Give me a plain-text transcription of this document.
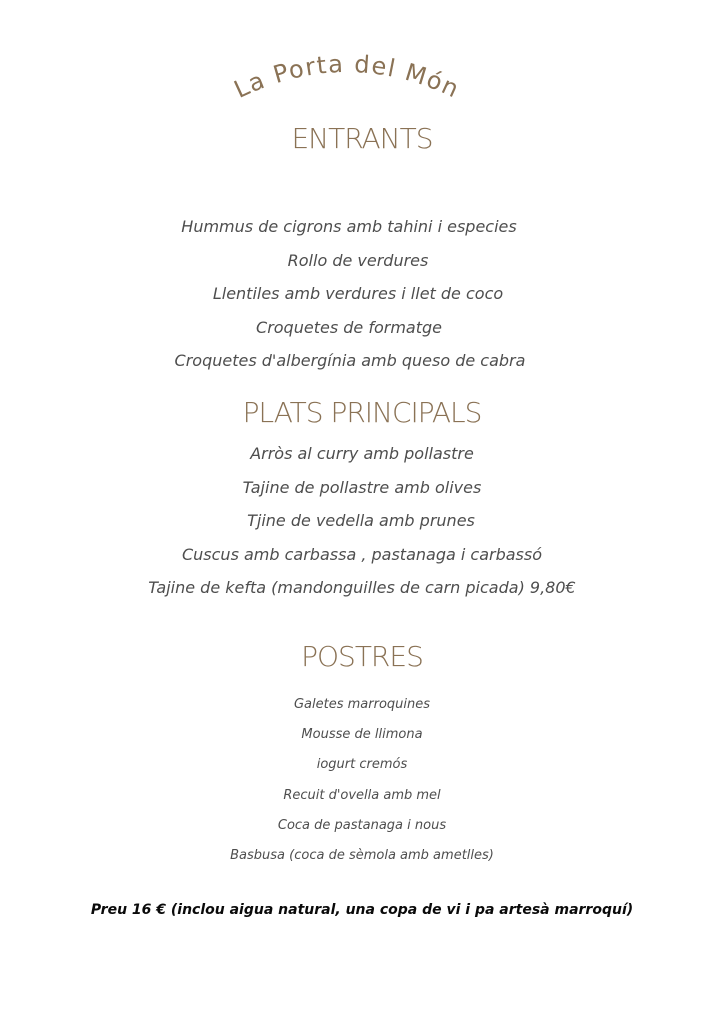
La Porta del Món
ENTRANTS
Hummus de cigrons amb tahini i especies
Rollo de verdures
Llentiles amb verdures i llet de coco
Croquetes de formatge
Croquetes d'albergínia amb queso de cabra
PLATS PRINCIPALS
Arròs al curry amb pollastre
Tajine de pollastre amb olives
Tjine de vedella amb prunes
Cuscus amb carbassa , pastanaga i carbassó
Tajine de kefta (mandonguilles de carn picada) 9,80€
POSTRES
Galetes marroquines
Mousse de llimona
iogurt cremós
Recuit d'ovella amb mel
Coca de pastanaga i nous
Basbusa (coca de sèmola amb ametlles)

Preu 16 € (inclou aigua natural, una copa de vi i pa artesà marroquí)
